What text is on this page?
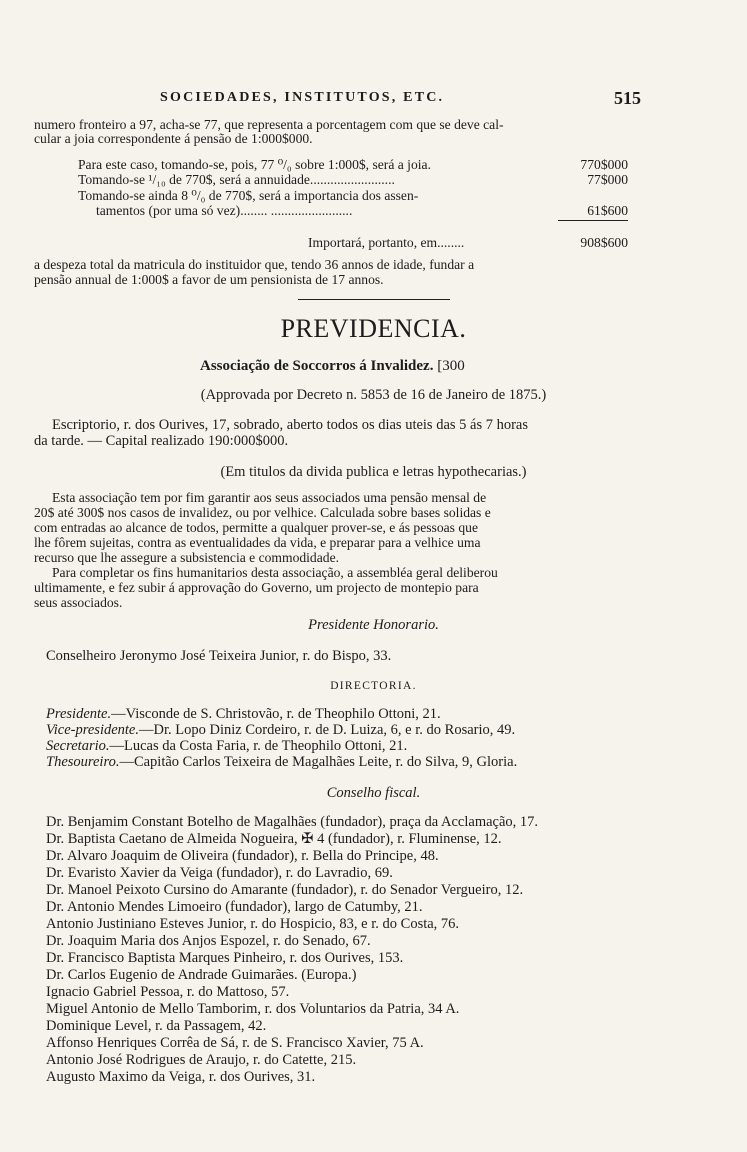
SOCIEDADES, INSTITUTOS, ETC.	515
numero fronteiro a 97, acha-se 77, que representa a porcentagem com que se deve cal-
cular a joia correspondente á pensão de 1:000$000.
Para este caso, tomando-se, pois, 77 ⁰/₀ sobre 1:000$, será a joia.	770$000
Tomando-se ¹/₁₀ de 770$, será a annuidade.........................	77$000
Tomando-se ainda 8 ⁰/₀ de 770$, será a importancia dos assen-
tamentos (por uma só vez)........ ........................	61$600
Importará, portanto, em........	908$600
a despeza total da matricula do instituidor que, tendo 36 annos de idade, fundar a
pensão annual de 1:000$ a favor de um pensionista de 17 annos.
PREVIDENCIA.
Associação de Soccorros á Invalidez. [300
(Approvada por Decreto n. 5853 de 16 de Janeiro de 1875.)
Escriptorio, r. dos Ourives, 17, sobrado, aberto todos os dias uteis das 5 ás 7 horas
da tarde. — Capital realizado 190:000$000.
(Em titulos da divida publica e letras hypothecarias.)
Esta associação tem por fim garantir aos seus associados uma pensão mensal de
20$ até 300$ nos casos de invalidez, ou por velhice. Calculada sobre bases solidas e
com entradas ao alcance de todos, permitte a qualquer prover-se, e ás pessoas que
lhe fôrem sujeitas, contra as eventualidades da vida, e preparar para a velhice uma
recurso que lhe assegure a subsistencia e commodidade.
Para completar os fins humanitarios desta associação, a assembléa geral deliberou
ultimamente, e fez subir á approvação do Governo, um projecto de montepio para
seus associados.
Presidente Honorario.
Conselheiro Jeronymo José Teixeira Junior, r. do Bispo, 33.
DIRECTORIA.
Presidente.—Visconde de S. Christovão, r. de Theophilo Ottoni, 21.
Vice-presidente.—Dr. Lopo Diniz Cordeiro, r. de D. Luiza, 6, e r. do Rosario, 49.
Secretario.—Lucas da Costa Faria, r. de Theophilo Ottoni, 21.
Thesoureiro.—Capitão Carlos Teixeira de Magalhães Leite, r. do Silva, 9, Gloria.
Conselho fiscal.
Dr. Benjamim Constant Botelho de Magalhães (fundador), praça da Acclamação, 17.
Dr. Baptista Caetano de Almeida Nogueira, ✠ 4 (fundador), r. Fluminense, 12.
Dr. Alvaro Joaquim de Oliveira (fundador), r. Bella do Principe, 48.
Dr. Evaristo Xavier da Veiga (fundador), r. do Lavradio, 69.
Dr. Manoel Peixoto Cursino do Amarante (fundador), r. do Senador Vergueiro, 12.
Dr. Antonio Mendes Limoeiro (fundador), largo de Catumby, 21.
Antonio Justiniano Esteves Junior, r. do Hospicio, 83, e r. do Costa, 76.
Dr. Joaquim Maria dos Anjos Espozel, r. do Senado, 67.
Dr. Francisco Baptista Marques Pinheiro, r. dos Ourives, 153.
Dr. Carlos Eugenio de Andrade Guimarães. (Europa.)
Ignacio Gabriel Pessoa, r. do Mattoso, 57.
Miguel Antonio de Mello Tamborim, r. dos Voluntarios da Patria, 34 A.
Dominique Level, r. da Passagem, 42.
Affonso Henriques Corrêa de Sá, r. de S. Francisco Xavier, 75 A.
Antonio José Rodrigues de Araujo, r. do Catette, 215.
Augusto Maximo da Veiga, r. dos Ourives, 31.
